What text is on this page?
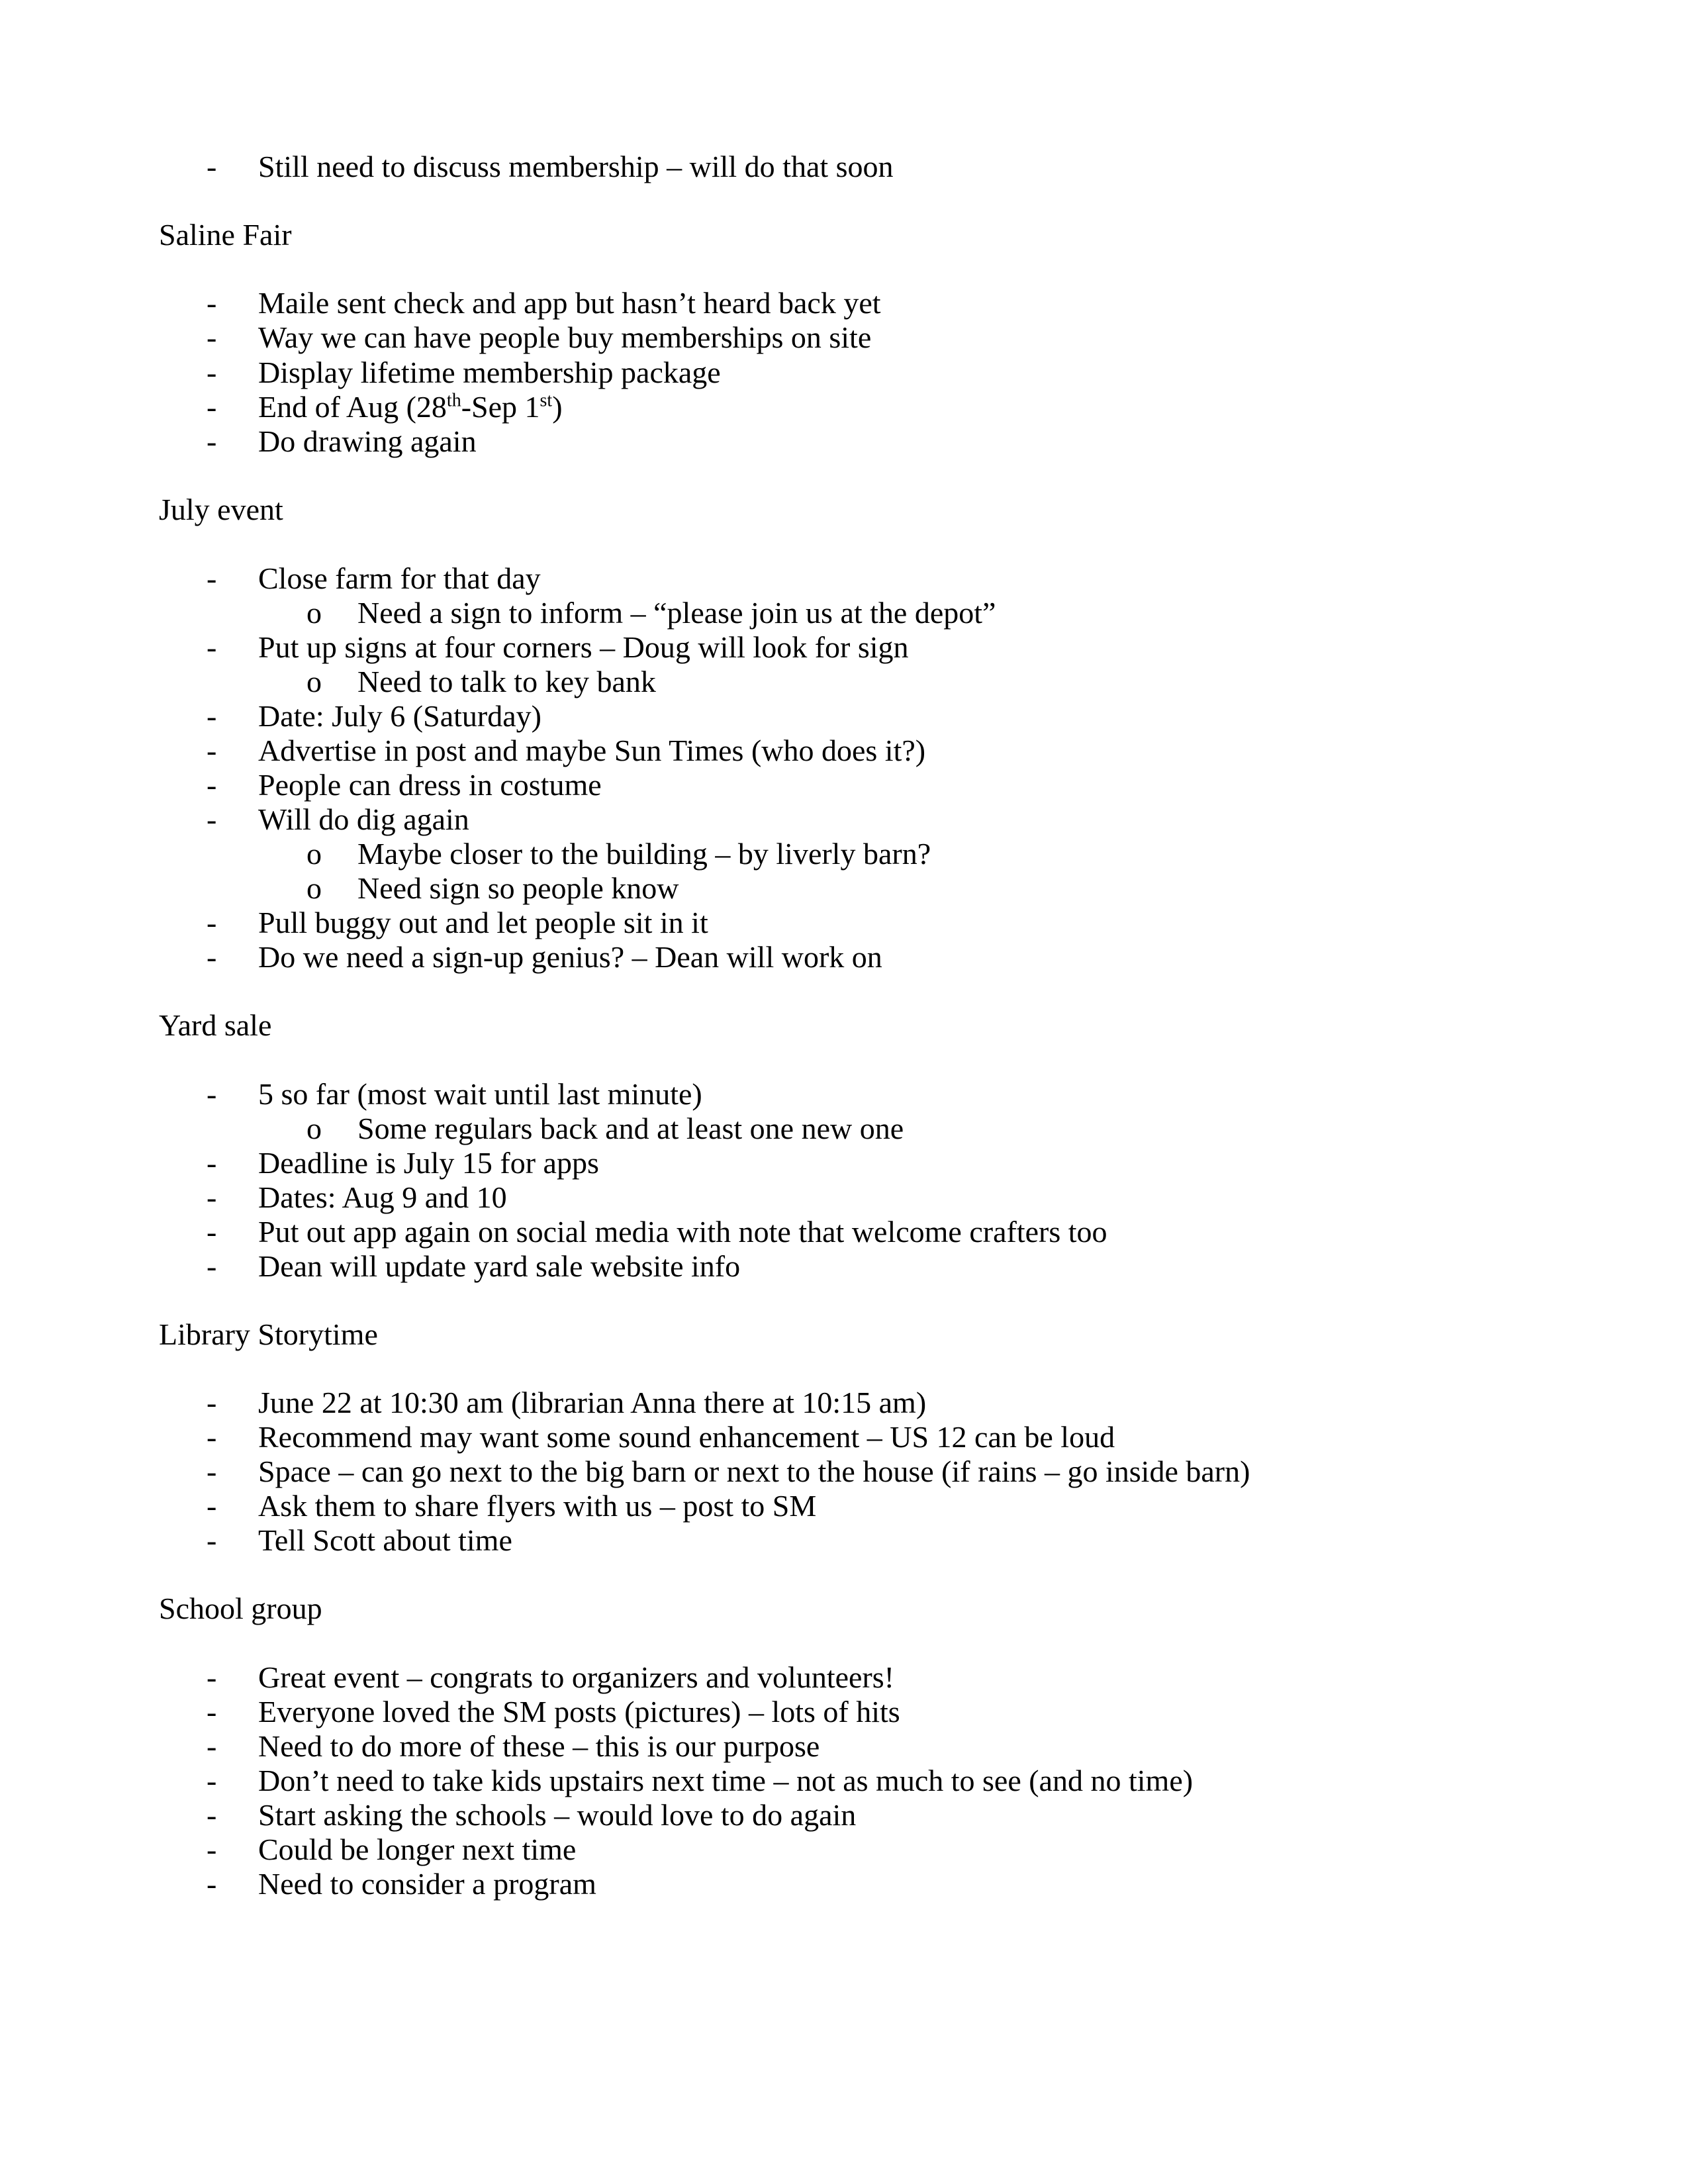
- Still need to discuss membership – will do that soon
Saline Fair
- Maile sent check and app but hasn’t heard back yet
- Way we can have people buy memberships on site
- Display lifetime membership package
- End of Aug (28th-Sep 1st)
- Do drawing again
July event
- Close farm for that day
o Need a sign to inform – “please join us at the depot”
- Put up signs at four corners – Doug will look for sign
o Need to talk to key bank
- Date: July 6 (Saturday)
- Advertise in post and maybe Sun Times (who does it?)
- People can dress in costume
- Will do dig again
o Maybe closer to the building – by liverly barn?
o Need sign so people know
- Pull buggy out and let people sit in it
- Do we need a sign-up genius? – Dean will work on
Yard sale
- 5 so far (most wait until last minute)
o Some regulars back and at least one new one
- Deadline is July 15 for apps
- Dates: Aug 9 and 10
- Put out app again on social media with note that welcome crafters too
- Dean will update yard sale website info
Library Storytime
- June 22 at 10:30 am (librarian Anna there at 10:15 am)
- Recommend may want some sound enhancement – US 12 can be loud
- Space – can go next to the big barn or next to the house (if rains – go inside barn)
- Ask them to share flyers with us – post to SM
- Tell Scott about time
School group
- Great event – congrats to organizers and volunteers!
- Everyone loved the SM posts (pictures) – lots of hits
- Need to do more of these – this is our purpose
- Don’t need to take kids upstairs next time – not as much to see (and no time)
- Start asking the schools – would love to do again
- Could be longer next time
- Need to consider a program
